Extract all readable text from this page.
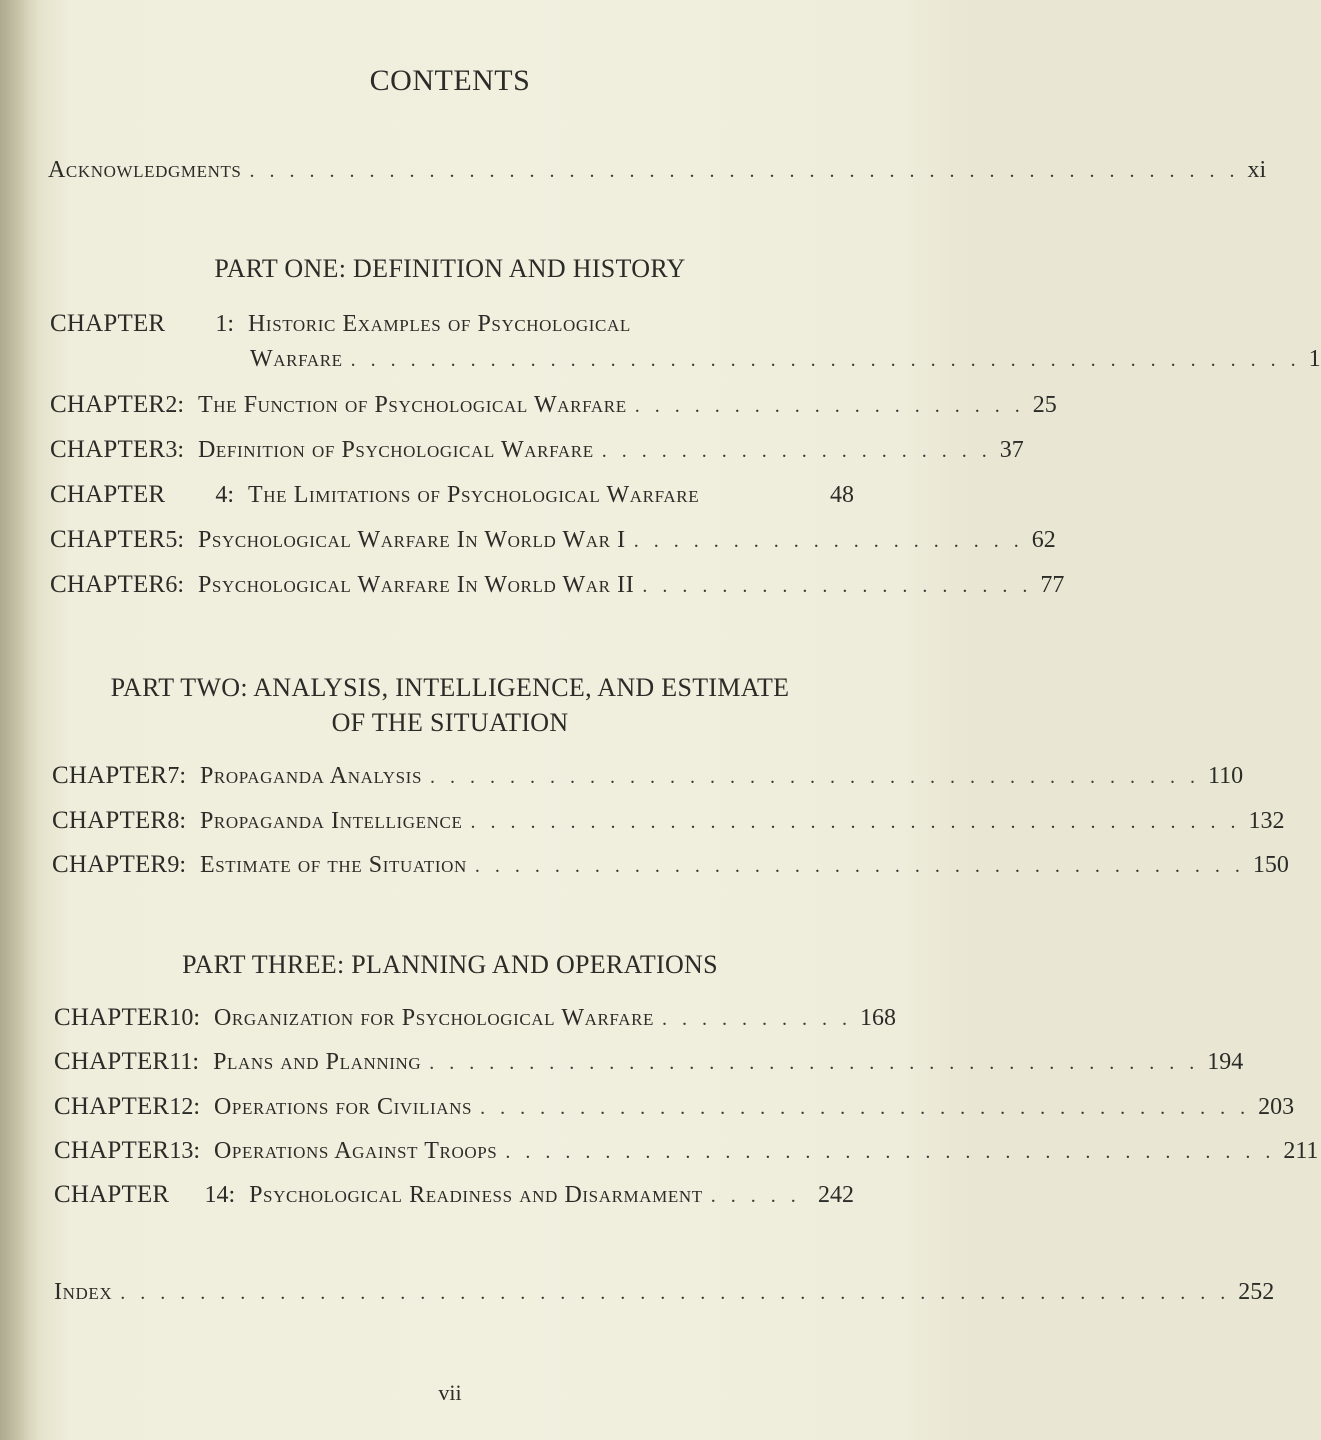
CONTENTS
Acknowledgments . . . . . . . . . . . . . . . . . . . . . . . . . . . . . . . . . . . . . . . . . . . . . . . . . . xi
PART ONE: DEFINITION AND HISTORY
CHAPTER	1: Historic Examples of Psychological
Warfare . . . . . . . . . . . . . . . . . . . . . . . . . . . . . . . . . . . . . . . . . . . . . . . . 1
CHAPTER 2: The Function of Psychological Warfare . . . . . . . . . . . . . . . . . . . . 25
CHAPTER 3: Definition of Psychological Warfare . . . . . . . . . . . . . . . . . . . . 37
CHAPTER	4: The Limitations of Psychological Warfare	48
CHAPTER 5: Psychological Warfare In World War I . . . . . . . . . . . . . . . . . . . . 62
CHAPTER 6: Psychological Warfare In World War II . . . . . . . . . . . . . . . . . . . . 77
PART TWO: ANALYSIS, INTELLIGENCE, AND ESTIMATE
OF THE SITUATION
CHAPTER 7: Propaganda Analysis . . . . . . . . . . . . . . . . . . . . . . . . . . . . . . . . . . . . . . . 110
CHAPTER 8: Propaganda Intelligence . . . . . . . . . . . . . . . . . . . . . . . . . . . . . . . . . . . . . . . 132
CHAPTER 9: Estimate of the Situation . . . . . . . . . . . . . . . . . . . . . . . . . . . . . . . . . . . . . . . 150
PART THREE: PLANNING AND OPERATIONS
CHAPTER 10: Organization for Psychological Warfare . . . . . . . . . . 168
CHAPTER 11: Plans and Planning . . . . . . . . . . . . . . . . . . . . . . . . . . . . . . . . . . . . . . . 194
CHAPTER 12: Operations for Civilians . . . . . . . . . . . . . . . . . . . . . . . . . . . . . . . . . . . . . . . 203
CHAPTER 13: Operations Against Troops . . . . . . . . . . . . . . . . . . . . . . . . . . . . . . . . . . . . . . . 211
CHAPTER	14: Psychological Readiness and Disarmament . . . . . 242
Index . . . . . . . . . . . . . . . . . . . . . . . . . . . . . . . . . . . . . . . . . . . . . . . . . . . . . . . . 252
vii
